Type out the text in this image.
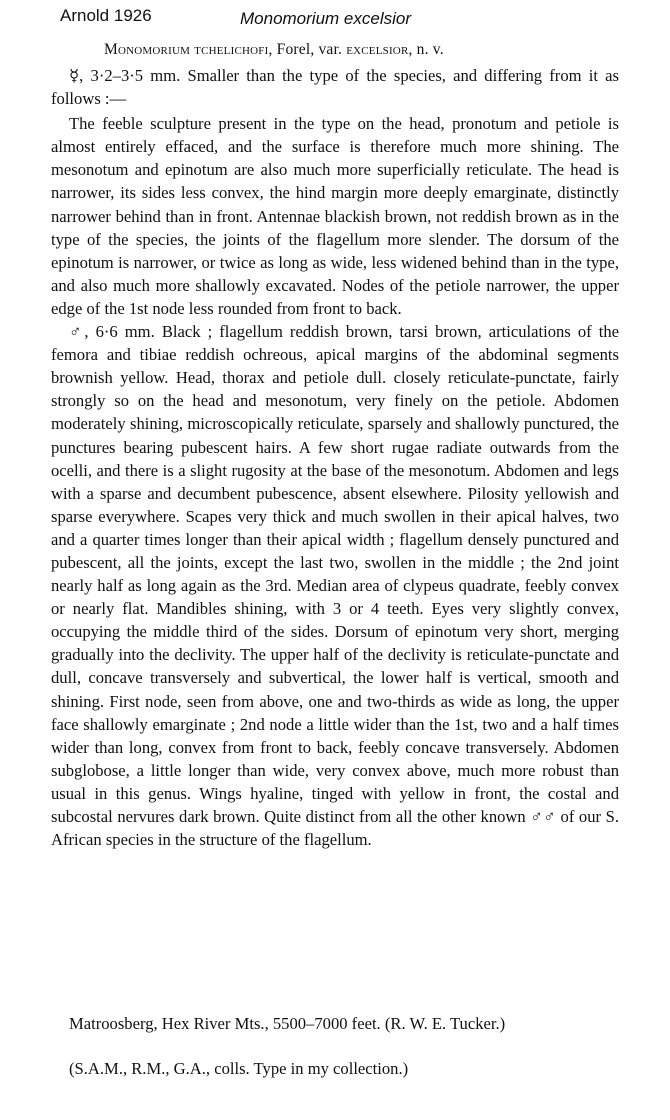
Arnold 1926	Monomorium excelsior
Monomorium tchelichofi, Forel, var. excelsior, n. v.

☿, 3·2–3·5 mm. Smaller than the type of the species, and differing from it as follows :—

The feeble sculpture present in the type on the head, pronotum and petiole is almost entirely effaced, and the surface is therefore much more shining. The mesonotum and epinotum are also much more superficially reticulate. The head is narrower, its sides less convex, the hind margin more deeply emarginate, distinctly narrower behind than in front. Antennae blackish brown, not reddish brown as in the type of the species, the joints of the flagellum more slender. The dorsum of the epinotum is narrower, or twice as long as wide, less widened behind than in the type, and also much more shallowly excavated. Nodes of the petiole narrower, the upper edge of the 1st node less rounded from front to back.

♂, 6·6 mm. Black ; flagellum reddish brown, tarsi brown, articulations of the femora and tibiae reddish ochreous, apical margins of the abdominal segments brownish yellow. Head, thorax and petiole dull. closely reticulate-punctate, fairly strongly so on the head and mesonotum, very finely on the petiole. Abdomen moderately shining, microscopically reticulate, sparsely and shallowly punctured, the punctures bearing pubescent hairs. A few short rugae radiate outwards from the ocelli, and there is a slight rugosity at the base of the mesonotum. Abdomen and legs with a sparse and decumbent pubescence, absent elsewhere. Pilosity yellowish and sparse everywhere. Scapes very thick and much swollen in their apical halves, two and a quarter times longer than their apical width ; flagellum densely punctured and pubescent, all the joints, except the last two, swollen in the middle ; the 2nd joint nearly half as long again as the 3rd. Median area of clypeus quadrate, feebly convex or nearly flat. Mandibles shining, with 3 or 4 teeth. Eyes very slightly convex, occupying the middle third of the sides. Dorsum of epinotum very short, merging gradually into the declivity. The upper half of the declivity is reticulate-punctate and dull, concave transversely and subvertical, the lower half is vertical, smooth and shining. First node, seen from above, one and two-thirds as wide as long, the upper face shallowly emarginate ; 2nd node a little wider than the 1st, two and a half times wider than long, convex from front to back, feebly concave transversely. Abdomen subglobose, a little longer than wide, very convex above, much more robust than usual in this genus. Wings hyaline, tinged with yellow in front, the costal and subcostal nervures dark brown. Quite distinct from all the other known ♂♂ of our S. African species in the structure of the flagellum.

Matroosberg, Hex River Mts., 5500–7000 feet. (R. W. E. Tucker.)
(S.A.M., R.M., G.A., colls. Type in my collection.)
